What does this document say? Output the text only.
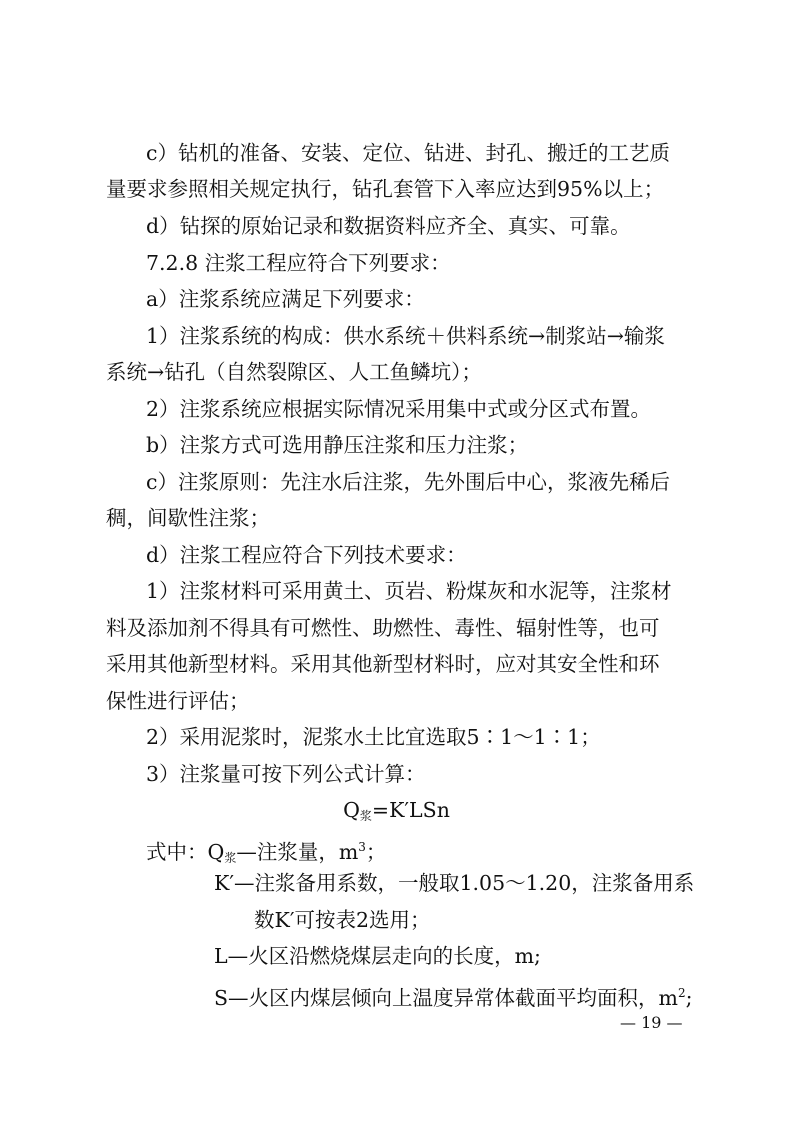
c）钻机的准备、安装、定位、钻进、封孔、搬迁的工艺质
量要求参照相关规定执行，钻孔套管下入率应达到95%以上；
d）钻探的原始记录和数据资料应齐全、真实、可靠。
7.2.8 注浆工程应符合下列要求：
a）注浆系统应满足下列要求：
1）注浆系统的构成：供水系统＋供料系统→制浆站→输浆
系统→钻孔（自然裂隙区、人工鱼鳞坑）；
2）注浆系统应根据实际情况采用集中式或分区式布置。
b）注浆方式可选用静压注浆和压力注浆；
c）注浆原则：先注水后注浆，先外围后中心，浆液先稀后
稠，间歇性注浆；
d）注浆工程应符合下列技术要求：
1）注浆材料可采用黄土、页岩、粉煤灰和水泥等，注浆材
料及添加剂不得具有可燃性、助燃性、毒性、辐射性等，也可
采用其他新型材料。采用其他新型材料时，应对其安全性和环
保性进行评估；
2）采用泥浆时，泥浆水土比宜选取5∶1～1∶1；
3）注浆量可按下列公式计算：
$Q_浆=K'LSn$
式中：$Q_浆—$注浆量，$m^3$；
K′—注浆备用系数，一般取1.05～1.20，注浆备用系
数K′可按表2选用；
L—火区沿燃烧煤层走向的长度，m;
S—火区内煤层倾向上温度异常体截面平均面积，$m^2$;
— 19 —
